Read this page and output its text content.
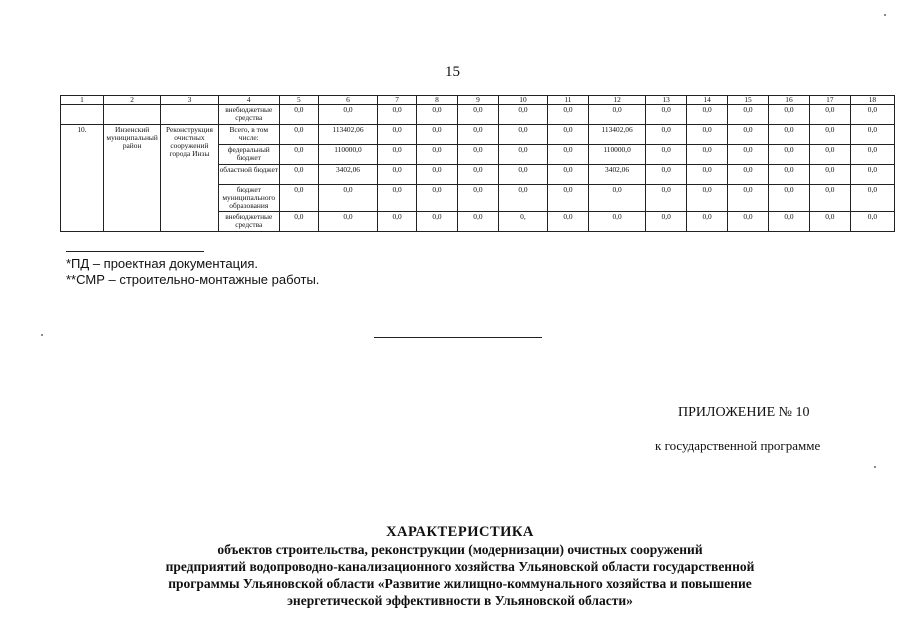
15
1	2	3	4	5	6	7	8	9	10	11	12	13	14	15	16	17	18
			внебюджетные средства	0,0	0,0	0,0	0,0	0,0	0,0	0,0	0,0	0,0	0,0	0,0	0,0	0,0	0,0
10.	Инзенский муниципальный район	Реконструкция очистных сооружений города Инзы	Всего, в том числе:	0,0	113402,06	0,0	0,0	0,0	0,0	0,0	113402,06	0,0	0,0	0,0	0,0	0,0	0,0
			федеральный бюджет	0,0	110000,0	0,0	0,0	0,0	0,0	0,0	110000,0	0,0	0,0	0,0	0,0	0,0	0,0
			областной бюджет	0,0	3402,06	0,0	0,0	0,0	0,0	0,0	3402,06	0,0	0,0	0,0	0,0	0,0	0,0
			бюджет муниципального образования	0,0	0,0	0,0	0,0	0,0	0,0	0,0	0,0	0,0	0,0	0,0	0,0	0,0	0,0
			внебюджетные средства	0,0	0,0	0,0	0,0	0,0	0,	0,0	0,0	0,0	0,0	0,0	0,0	0,0	0,0
*ПД – проектная документация.
**СМР – строительно-монтажные работы.
ПРИЛОЖЕНИЕ № 10
к государственной программе
ХАРАКТЕРИСТИКА
объектов строительства, реконструкции (модернизации) очистных сооружений
предприятий водопроводно-канализационного хозяйства Ульяновской области государственной
программы Ульяновской области «Развитие жилищно-коммунального хозяйства и повышение
энергетической эффективности в Ульяновской области»
